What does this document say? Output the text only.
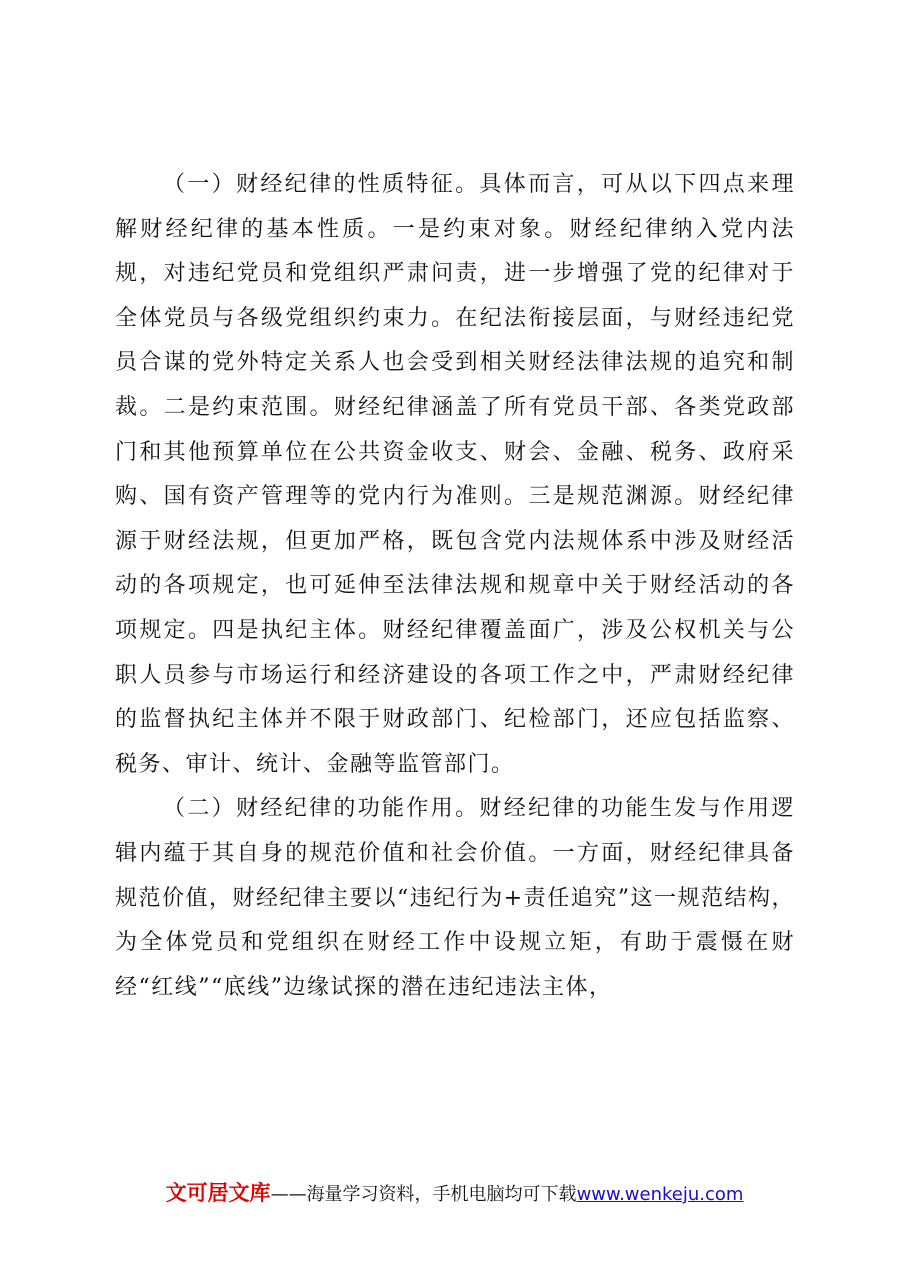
（一）财经纪律的性质特征。具体而言，可从以下四点来理解财经纪律的基本性质。一是约束对象。财经纪律纳入党内法规，对违纪党员和党组织严肃问责，进一步增强了党的纪律对于全体党员与各级党组织约束力。在纪法衔接层面，与财经违纪党员合谋的党外特定关系人也会受到相关财经法律法规的追究和制裁。二是约束范围。财经纪律涵盖了所有党员干部、各类党政部门和其他预算单位在公共资金收支、财会、金融、税务、政府采购、国有资产管理等的党内行为准则。三是规范渊源。财经纪律源于财经法规，但更加严格，既包含党内法规体系中涉及财经活动的各项规定，也可延伸至法律法规和规章中关于财经活动的各项规定。四是执纪主体。财经纪律覆盖面广，涉及公权机关与公职人员参与市场运行和经济建设的各项工作之中，严肃财经纪律的监督执纪主体并不限于财政部门、纪检部门，还应包括监察、税务、审计、统计、金融等监管部门。

（二）财经纪律的功能作用。财经纪律的功能生发与作用逻辑内蕴于其自身的规范价值和社会价值。一方面，财经纪律具备规范价值，财经纪律主要以“违纪行为+责任追究”这一规范结构，为全体党员和党组织在财经工作中设规立矩，有助于震慑在财经“红线”“底线”边缘试探的潜在违纪违法主体，

文可居文库——海量学习资料，手机电脑均可下载www.wenkeju.com
